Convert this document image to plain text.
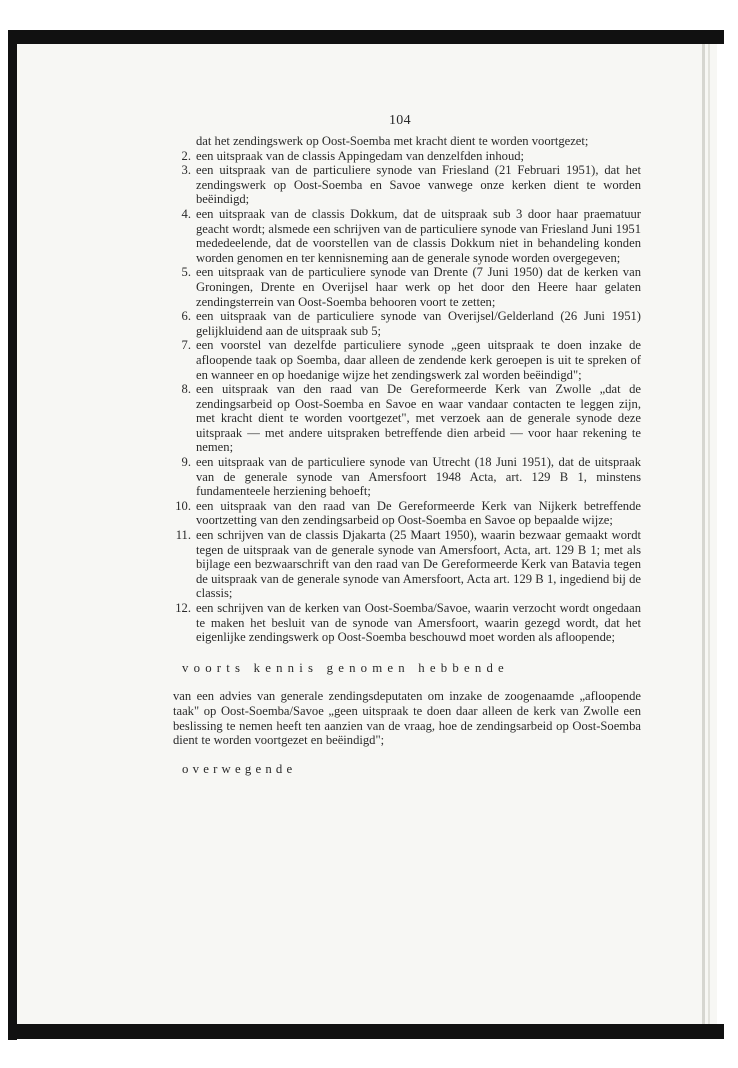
104

dat het zendingswerk op Oost-Soemba met kracht dient te worden voortgezet;

2. een uitspraak van de classis Appingedam van denzelfden inhoud;

3. een uitspraak van de particuliere synode van Friesland (21 Februari 1951), dat het zendingswerk op Oost-Soemba en Savoe vanwege onze kerken dient te worden beëindigd;

4. een uitspraak van de classis Dokkum, dat de uitspraak sub 3 door haar praematuur geacht wordt; alsmede een schrijven van de particuliere synode van Friesland Juni 1951 mededeelende, dat de voorstellen van de classis Dokkum niet in behandeling konden worden genomen en ter kennisneming aan de generale synode worden overgegeven;

5. een uitspraak van de particuliere synode van Drente (7 Juni 1950) dat de kerken van Groningen, Drente en Overijsel haar werk op het door den Heere haar gelaten zendingsterrein van Oost-Soemba behooren voort te zetten;

6. een uitspraak van de particuliere synode van Overijsel/Gelderland (26 Juni 1951) gelijkluidend aan de uitspraak sub 5;

7. een voorstel van dezelfde particuliere synode „geen uitspraak te doen inzake de afloopende taak op Soemba, daar alleen de zendende kerk geroepen is uit te spreken of en wanneer en op hoedanige wijze het zendingswerk zal worden beëindigd";

8. een uitspraak van den raad van De Gereformeerde Kerk van Zwolle „dat de zendingsarbeid op Oost-Soemba en Savoe en waar vandaar contacten te leggen zijn, met kracht dient te worden voortgezet", met verzoek aan de generale synode deze uitspraak — met andere uitspraken betreffende dien arbeid — voor haar rekening te nemen;

9. een uitspraak van de particuliere synode van Utrecht (18 Juni 1951), dat de uitspraak van de generale synode van Amersfoort 1948 Acta, art. 129 B 1, minstens fundamenteele herziening behoeft;

10. een uitspraak van den raad van De Gereformeerde Kerk van Nijkerk betreffende voortzetting van den zendingsarbeid op Oost-Soemba en Savoe op bepaalde wijze;

11. een schrijven van de classis Djakarta (25 Maart 1950), waarin bezwaar gemaakt wordt tegen de uitspraak van de generale synode van Amersfoort, Acta, art. 129 B 1; met als bijlage een bezwaarschrift van den raad van De Gereformeerde Kerk van Batavia tegen de uitspraak van de generale synode van Amersfoort, Acta art. 129 B 1, ingediend bij de classis;

12. een schrijven van de kerken van Oost-Soemba/Savoe, waarin verzocht wordt ongedaan te maken het besluit van de synode van Amersfoort, waarin gezegd wordt, dat het eigenlijke zendingswerk op Oost-Soemba beschouwd moet worden als afloopende;

voorts kennis genomen hebbende

van een advies van generale zendingsdeputaten om inzake de zoogenaamde „afloopende taak" op Oost-Soemba/Savoe „geen uitspraak te doen daar alleen de kerk van Zwolle een beslissing te nemen heeft ten aanzien van de vraag, hoe de zendingsarbeid op Oost-Soemba dient te worden voortgezet en beëindigd";

overwegende
